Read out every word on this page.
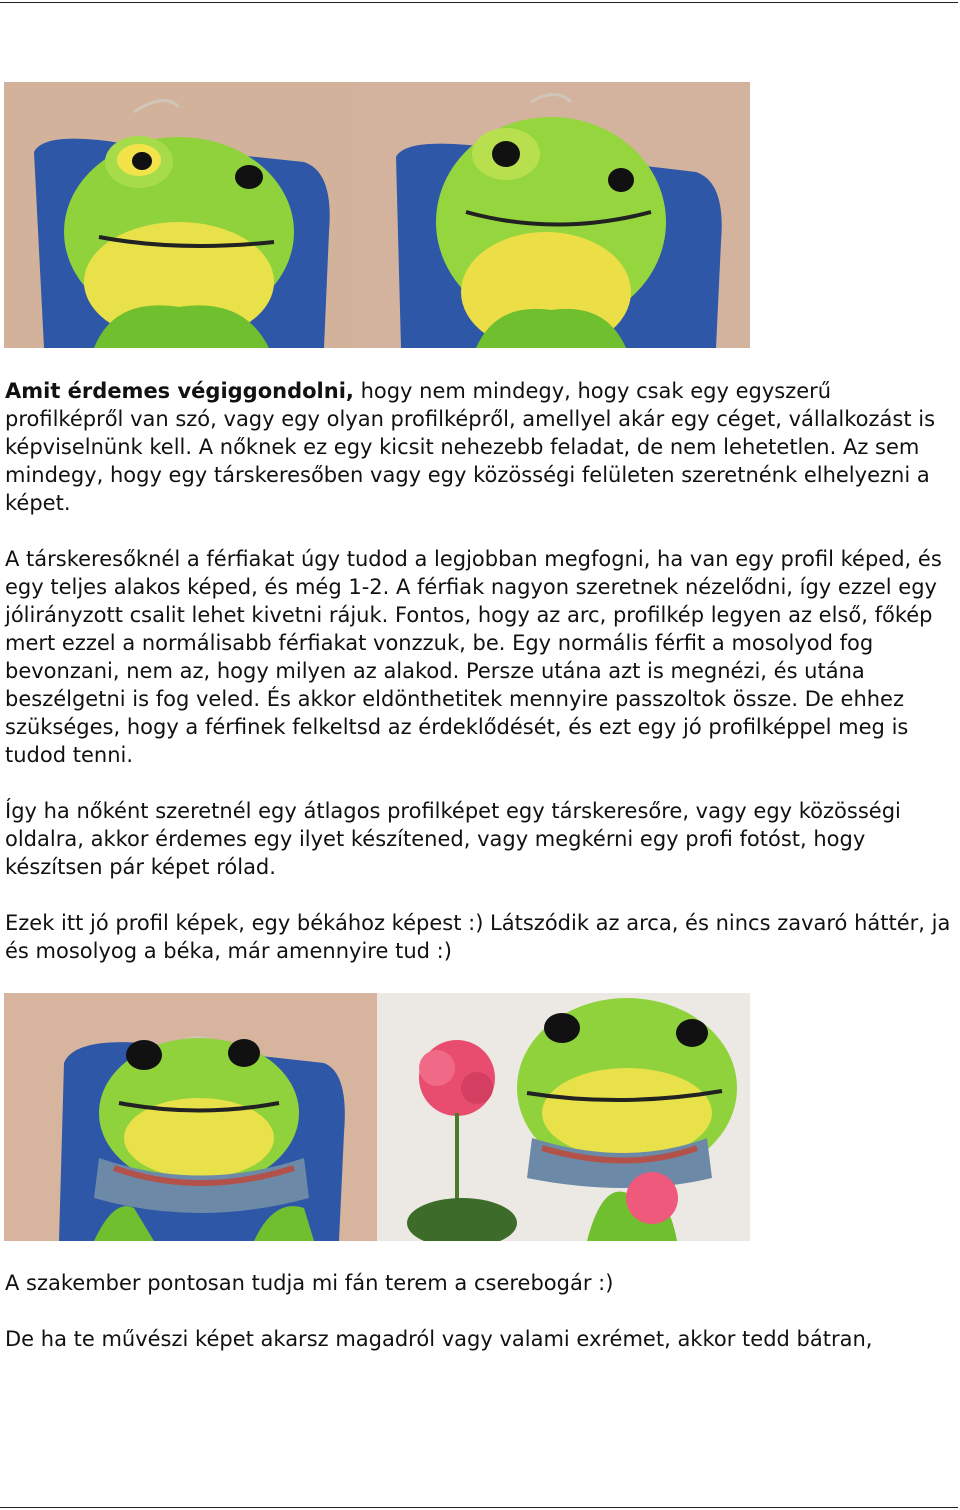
Amit érdemes végiggondolni, hogy nem mindegy, hogy csak egy egyszerű profilképről van szó, vagy egy olyan profilképről, amellyel akár egy céget, vállalkozást is képviselnünk kell. A nőknek ez egy kicsit nehezebb feladat, de nem lehetetlen. Az sem mindegy, hogy egy társkeresőben vagy egy közösségi felületen szeretnénk elhelyezni a képet.

A társkeresőknél a férfiakat úgy tudod a legjobban megfogni, ha van egy profil képed, és egy teljes alakos képed, és még 1-2. A férfiak nagyon szeretnek nézelődni, így ezzel egy jólirányzott csalit lehet kivetni rájuk. Fontos, hogy az arc, profilkép legyen az első, főkép mert ezzel a normálisabb férfiakat vonzzuk, be. Egy normális férfit a mosolyod fog bevonzani, nem az, hogy milyen az alakod. Persze utána azt is megnézi, és utána beszélgetni is fog veled. És akkor eldönthetitek mennyire passzoltok össze. De ehhez szükséges, hogy a férfinek felkeltsd az érdeklődését, és ezt egy jó profilképpel meg is tudod tenni.

Így ha nőként szeretnél egy átlagos profilképet egy társkeresőre, vagy egy közösségi oldalra, akkor érdemes egy ilyet készítened, vagy megkérni egy profi fotóst, hogy készítsen pár képet rólad.

Ezek itt jó profil képek, egy békához képest :) Látszódik az arca, és nincs zavaró háttér, ja és mosolyog a béka, már amennyire tud :)

A szakember pontosan tudja mi fán terem a cserebogár :)

De ha te művészi képet akarsz magadról vagy valami exrémet, akkor tedd bátran,
